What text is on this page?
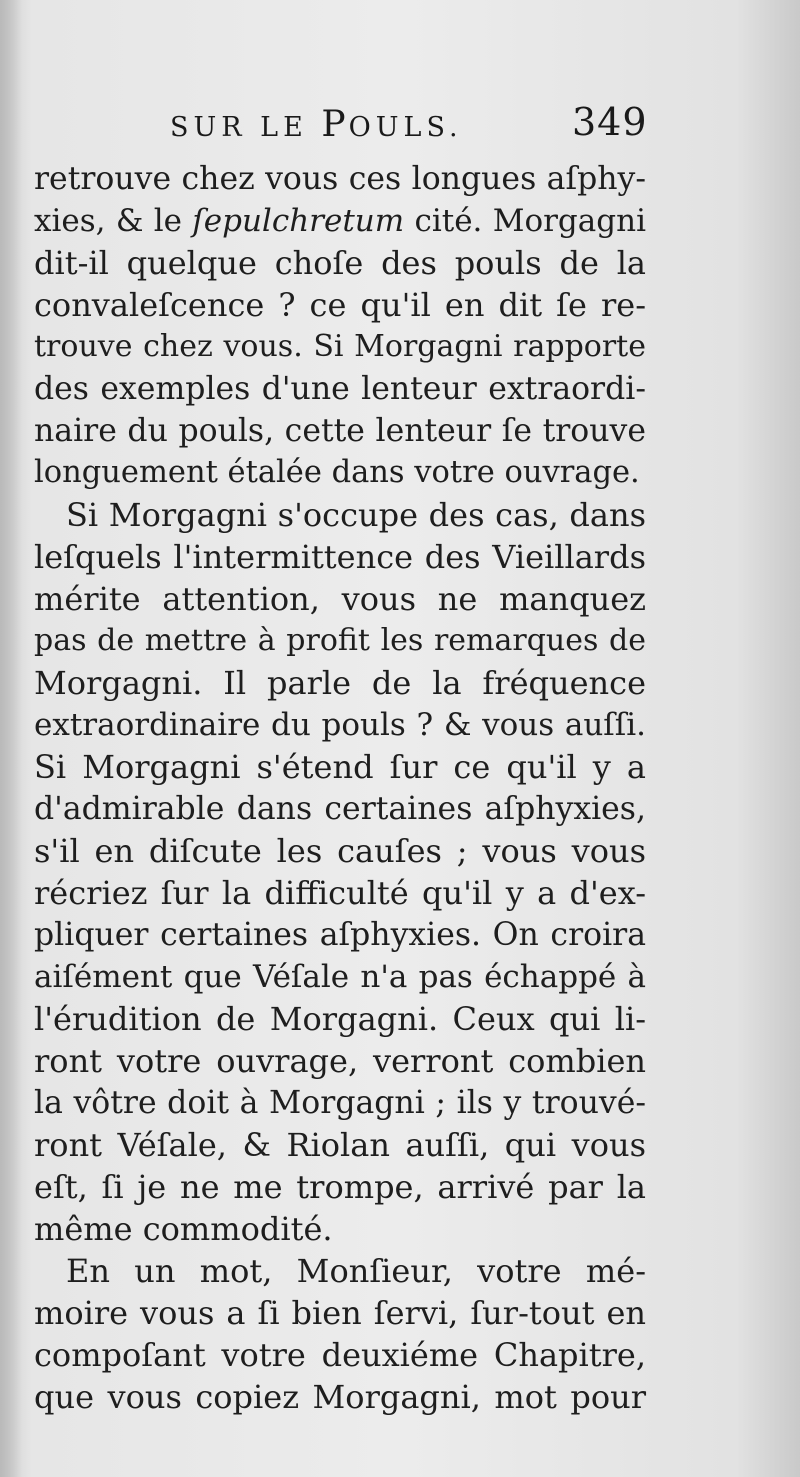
SUR LE POULS.	349
retrouve chez vous ces longues aſphy-
xies, & le ſepulchretum cité. Morgagni
dit-il quelque choſe des pouls de la
convaleſcence ? ce qu'il en dit ſe re-
trouve chez vous. Si Morgagni rapporte
des exemples d'une lenteur extraordi-
naire du pouls, cette lenteur ſe trouve
longuement étalée dans votre ouvrage.
Si Morgagni s'occupe des cas, dans
leſquels l'intermittence des Vieillards
mérite attention, vous ne manquez
pas de mettre à profit les remarques de
Morgagni. Il parle de la fréquence
extraordinaire du pouls ? & vous auſſi.
Si Morgagni s'étend ſur ce qu'il y a
d'admirable dans certaines aſphyxies,
s'il en diſcute les cauſes ; vous vous
récriez ſur la difficulté qu'il y a d'ex-
pliquer certaines aſphyxies. On croira
aiſément que Véſale n'a pas échappé à
l'érudition de Morgagni. Ceux qui li-
ront votre ouvrage, verront combien
la vôtre doit à Morgagni ; ils y trouvé-
ront Véſale, & Riolan auſſi, qui vous
eſt, ſi je ne me trompe, arrivé par la
même commodité.
En un mot, Monſieur, votre mé-
moire vous a ſi bien ſervi, ſur-tout en
compoſant votre deuxiéme Chapitre,
que vous copiez Morgagni, mot pour
